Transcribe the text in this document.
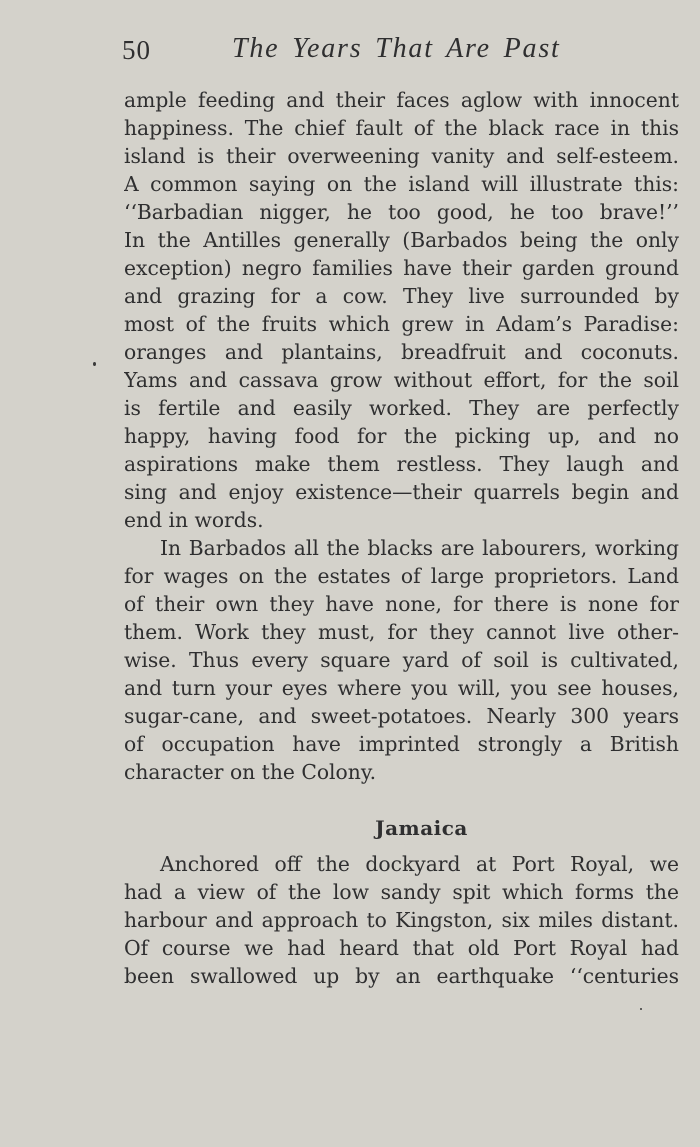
50	The Years That Are Past
ample feeding and their faces aglow with innocent
happiness. The chief fault of the black race in this
island is their overweening vanity and self-esteem.
A common saying on the island will illustrate this:
‘‘Barbadian nigger, he too good, he too brave!’’
In the Antilles generally (Barbados being the only
exception) negro families have their garden ground
and grazing for a cow. They live surrounded by
most of the fruits which grew in Adam’s Paradise:
oranges and plantains, breadfruit and coconuts.
Yams and cassava grow without effort, for the soil
is fertile and easily worked. They are perfectly
happy, having food for the picking up, and no
aspirations make them restless. They laugh and
sing and enjoy existence—their quarrels begin and
end in words.
In Barbados all the blacks are labourers, working
for wages on the estates of large proprietors. Land
of their own they have none, for there is none for
them. Work they must, for they cannot live other-
wise. Thus every square yard of soil is cultivated,
and turn your eyes where you will, you see houses,
sugar-cane, and sweet-potatoes. Nearly 300 years
of occupation have imprinted strongly a British
character on the Colony.
Jamaica
Anchored off the dockyard at Port Royal, we
had a view of the low sandy spit which forms the
harbour and approach to Kingston, six miles distant.
Of course we had heard that old Port Royal had
been swallowed up by an earthquake ‘‘centuries
